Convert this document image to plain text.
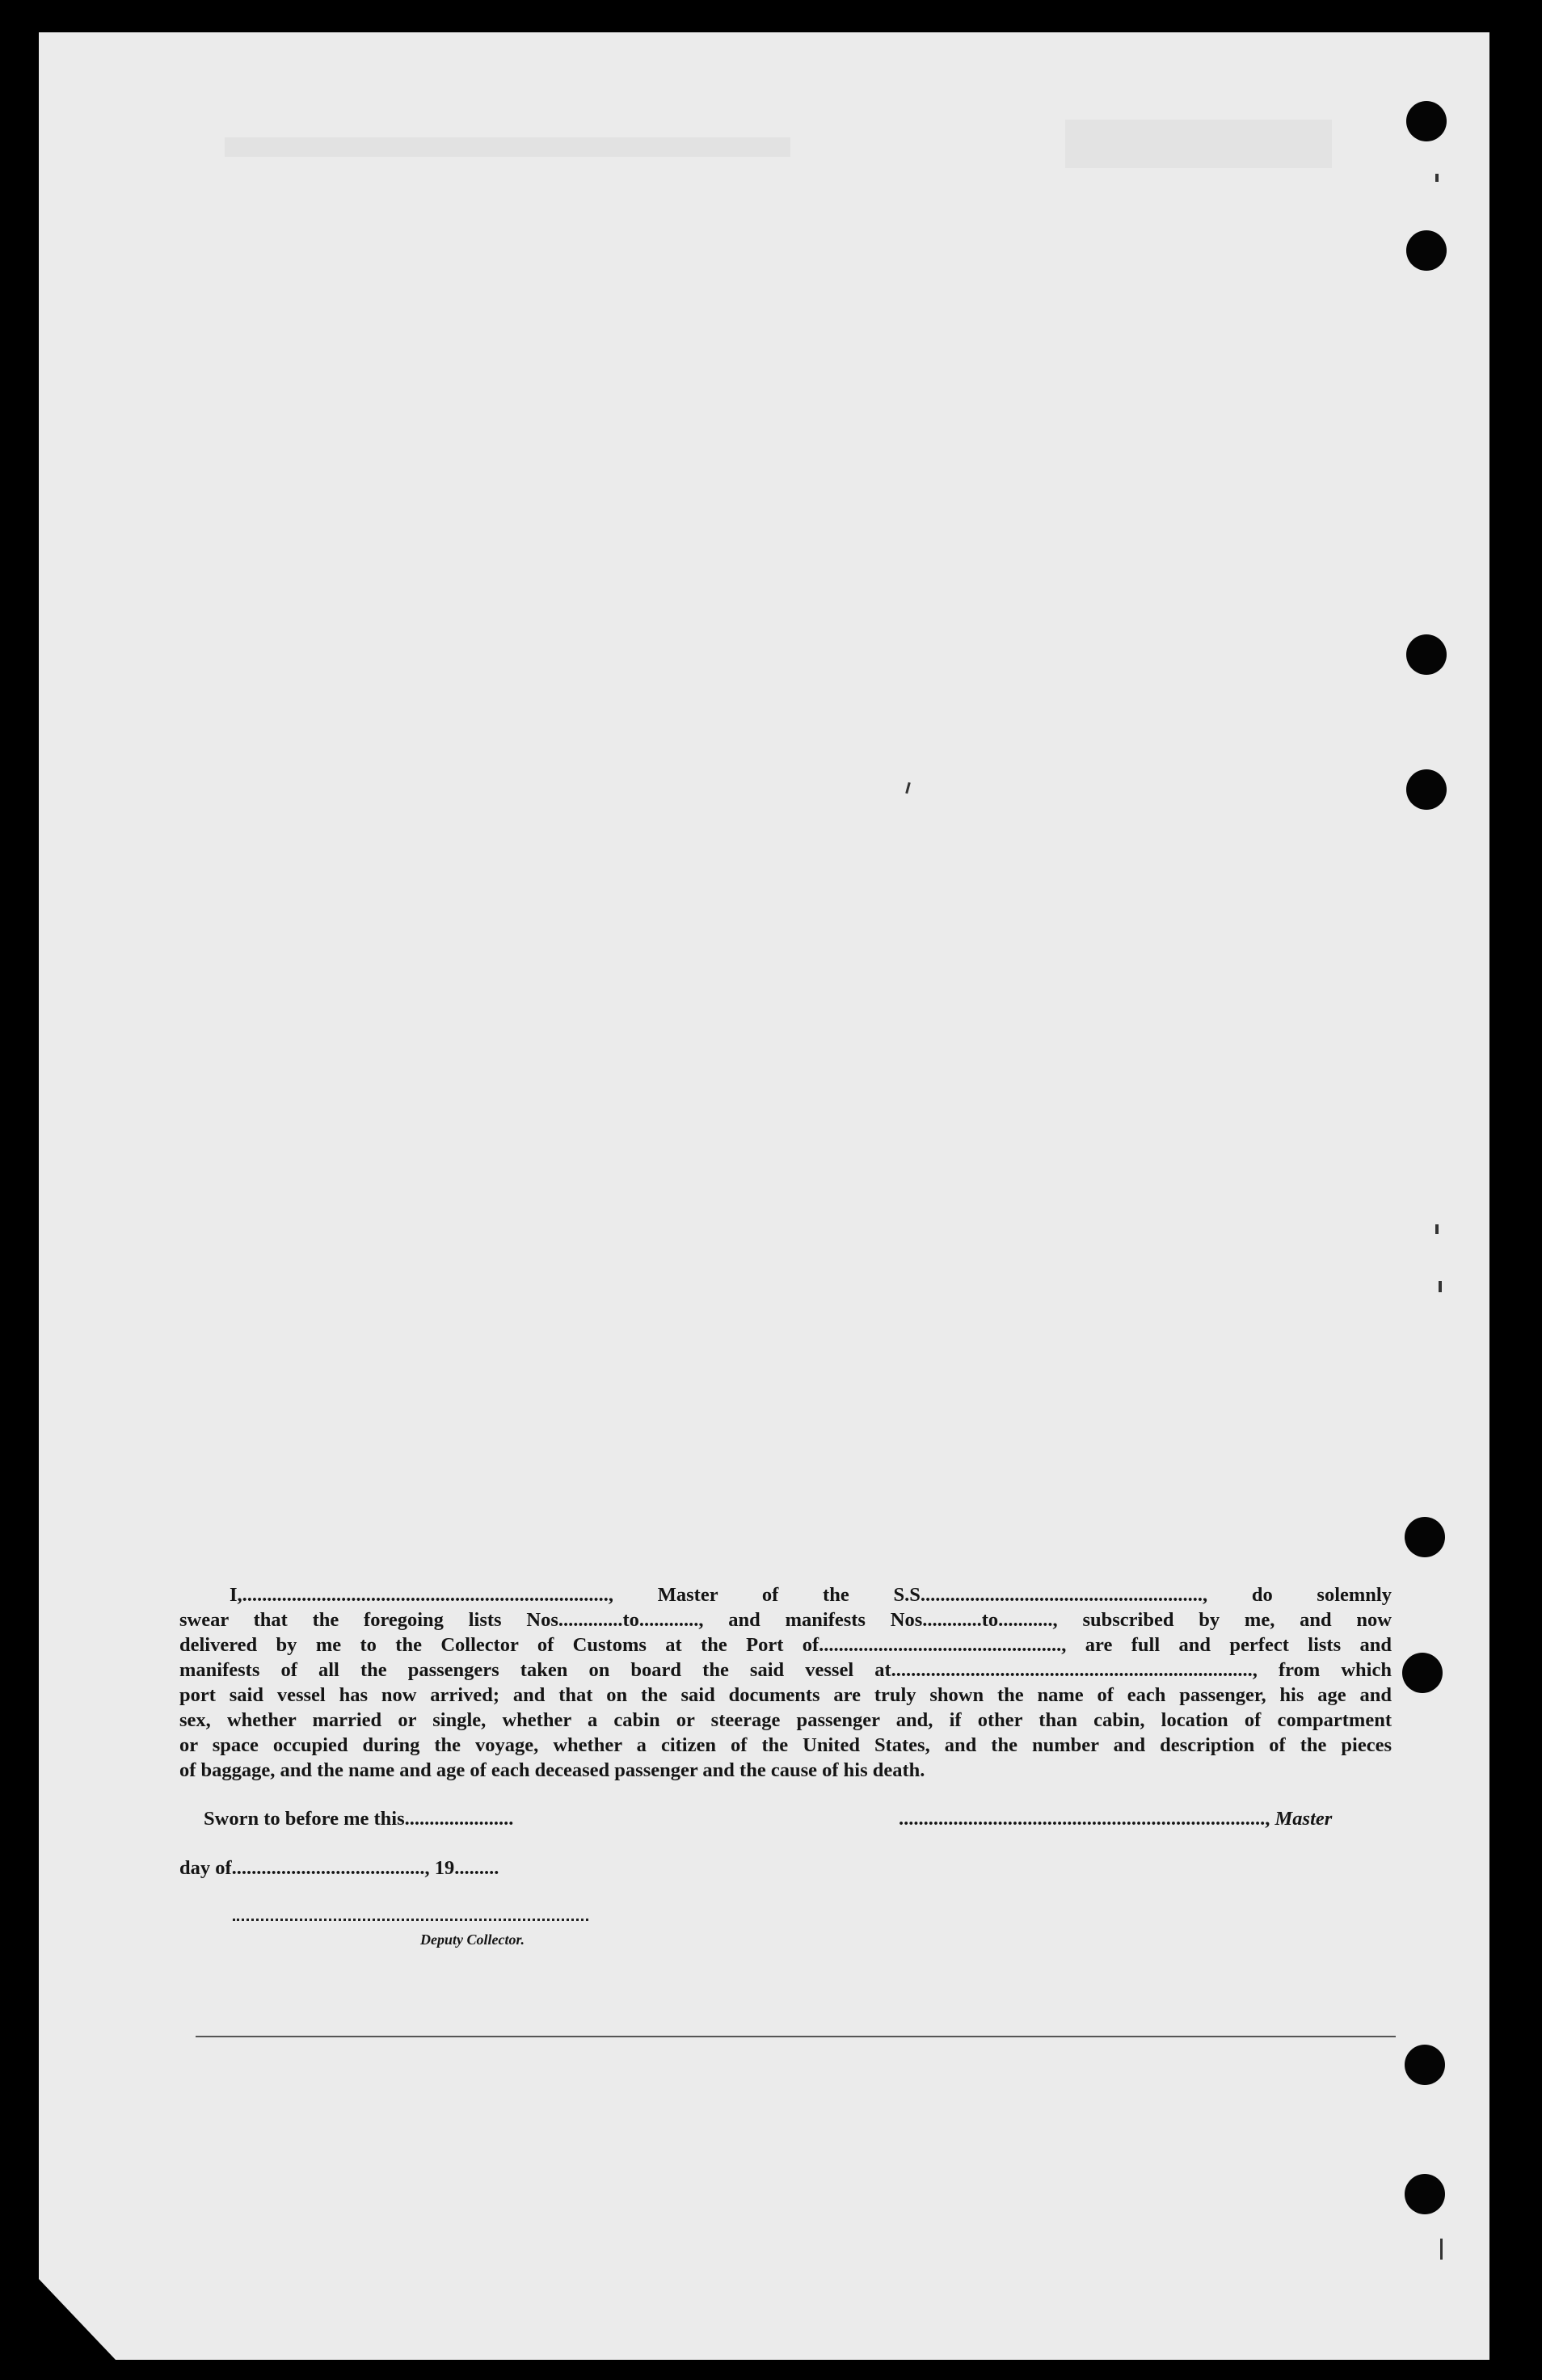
I,.........................................................................., Master of the S.S........................................................., do solemnly
swear that the foregoing lists Nos.............to............, and manifests Nos............to..........., subscribed by me, and now
delivered by me to the Collector of Customs at the Port of................................................., are full and perfect lists and
manifests of all the passengers taken on board the said vessel at........................................................................., from which
port said vessel has now arrived; and that on the said documents are truly shown the name of each passenger, his age and
sex, whether married or single, whether a cabin or steerage passenger and, if other than cabin, location of compartment
or space occupied during the voyage, whether a citizen of the United States, and the number and description of the pieces
of baggage, and the name and age of each deceased passenger and the cause of his death.
Sworn to before me this......................	.........................................................................., Master
day of......................................., 19.........
Deputy Collector.
